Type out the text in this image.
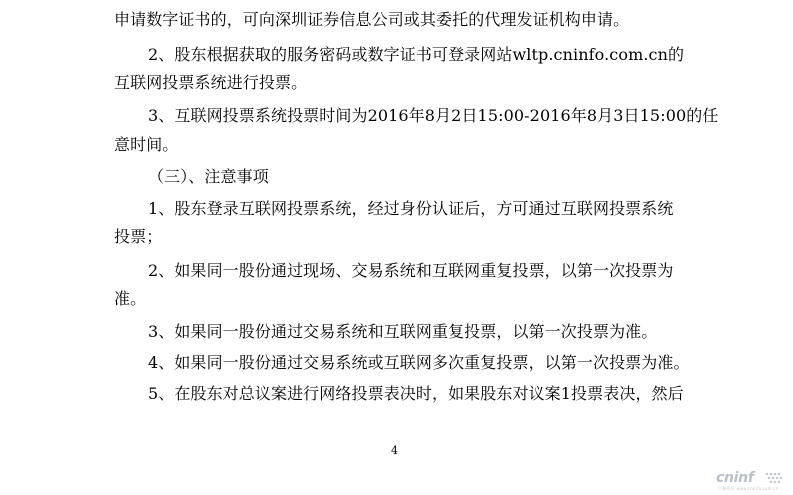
申请数字证书的，可向深圳证券信息公司或其委托的代理发证机构申请。
2、股东根据获取的服务密码或数字证书可登录网站wltp.cninfo.com.cn的
互联网投票系统进行投票。
3、互联网投票系统投票时间为2016年8月2日15:00-2016年8月3日15:00的任
意时间。
（三）、注意事项
1、股东登录互联网投票系统，经过身份认证后，方可通过互联网投票系统
投票；
2、如果同一股份通过现场、交易系统和互联网重复投票，以第一次投票为
准。
3、如果同一股份通过交易系统和互联网重复投票，以第一次投票为准。
4、如果同一股份通过交易系统或互联网多次重复投票，以第一次投票为准。
5、在股东对总议案进行网络投票表决时，如果股东对议案1投票表决，然后
4
cninf
巨潮资讯 www.cninfo.com.cn
